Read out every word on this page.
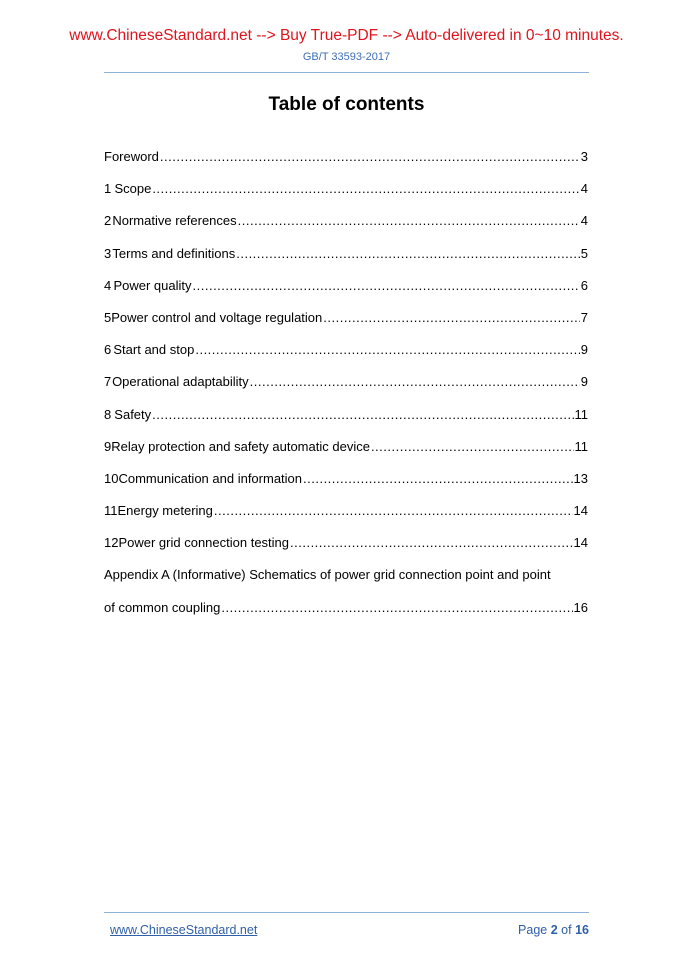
www.ChineseStandard.net --> Buy True-PDF --> Auto-delivered in 0~10 minutes.
GB/T 33593-2017
Table of contents
Foreword .....	3
1 Scope .....	4
2 Normative references .....	4
3 Terms and definitions .....	5
4 Power quality .....	6
5 Power control and voltage regulation .....	7
6 Start and stop .....	9
7 Operational adaptability .....	9
8 Safety .....	11
9 Relay protection and safety automatic device .....	11
10 Communication and information .....	13
11 Energy metering .....	14
12 Power grid connection testing .....	14
Appendix A (Informative) Schematics of power grid connection point and point
of common coupling .....	16
www.ChineseStandard.net	Page 2 of 16
